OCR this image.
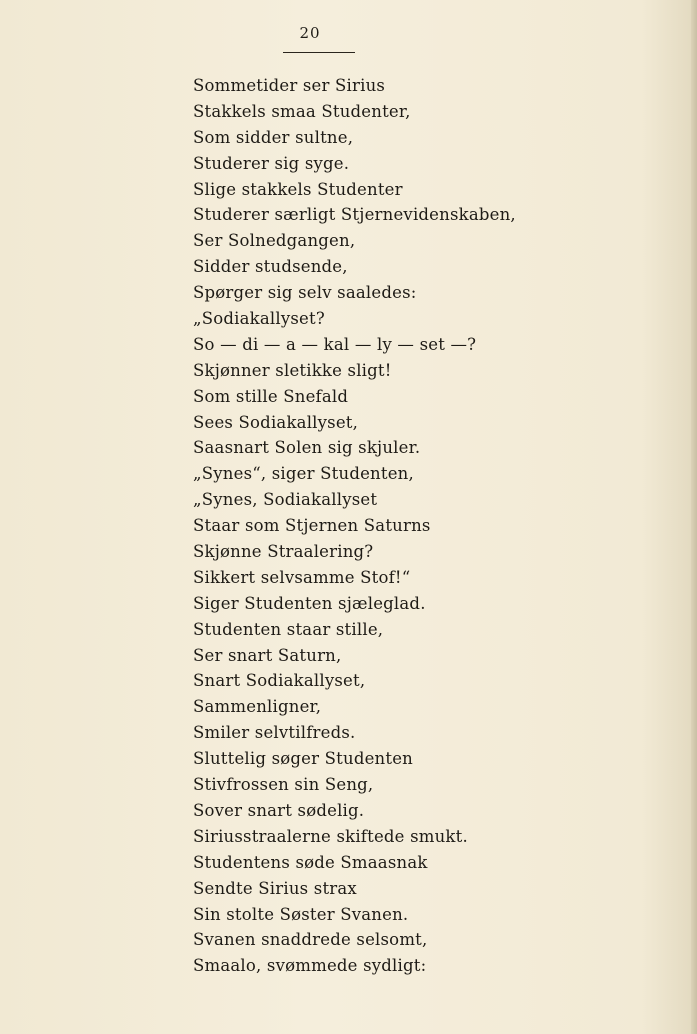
20
Sommetider ser Sirius
Stakkels smaa Studenter,
Som sidder sultne,
Studerer sig syge.
Slige stakkels Studenter
Studerer særligt Stjernevidenskaben,
Ser Solnedgangen,
Sidder studsende,
Spørger sig selv saaledes:
„Sodiakallyset?
So — di — a — kal — ly — set —?
Skjønner sletikke sligt!
Som stille Snefald
Sees Sodiakallyset,
Saasnart Solen sig skjuler.
„Synes“, siger Studenten,
„Synes, Sodiakallyset
Staar som Stjernen Saturns
Skjønne Straalering?
Sikkert selvsamme Stof!“
Siger Studenten sjæleglad.
Studenten staar stille,
Ser snart Saturn,
Snart Sodiakallyset,
Sammenligner,
Smiler selvtilfreds.
Sluttelig søger Studenten
Stivfrossen sin Seng,
Sover snart sødelig.
Siriusstraalerne skiftede smukt.
Studentens søde Smaasnak
Sendte Sirius strax
Sin stolte Søster Svanen.
Svanen snaddrede selsomt,
Smaalo, svømmede sydligt:
